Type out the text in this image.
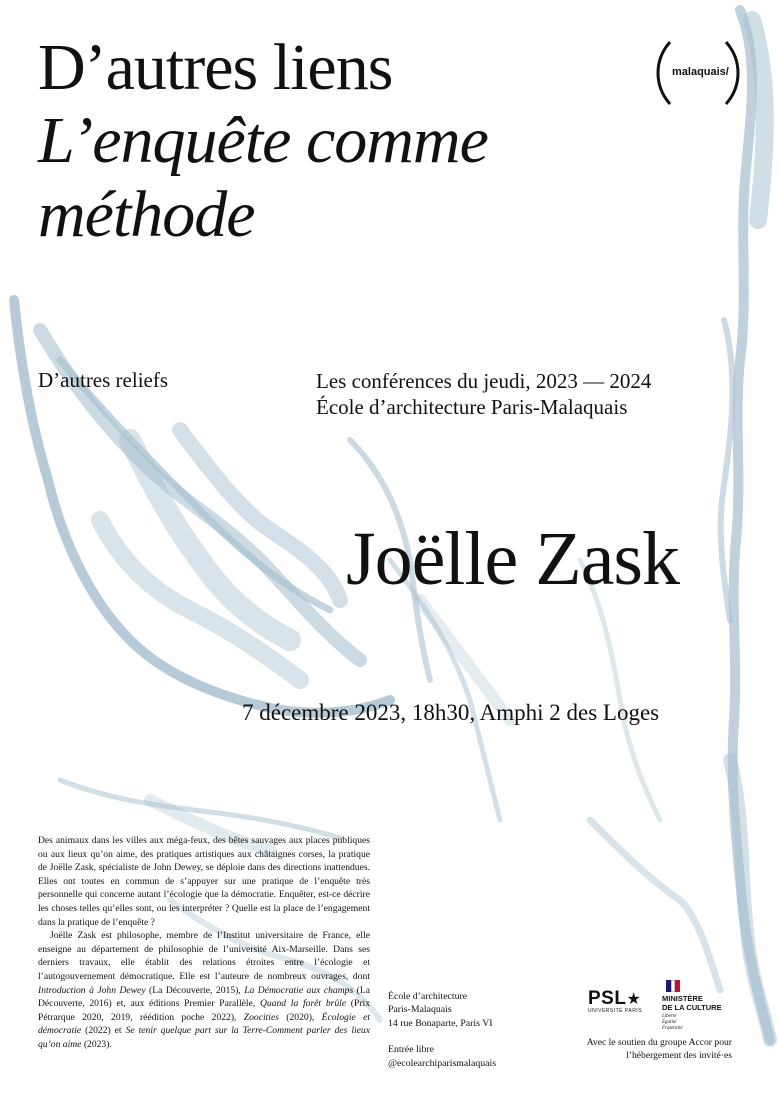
D’autres liens
L’enquête comme
méthode
malaquais/
D’autres reliefs	Les conférences du jeudi, 2023 — 2024
École d’architecture Paris-Malaquais
Joëlle Zask
7 décembre 2023, 18h30, Amphi 2 des Loges

Des animaux dans les villes aux méga-feux, des bêtes sauvages aux places publiques ou aux lieux qu’on aime, des pratiques artistiques aux châtaignes corses, la pratique de Joëlle Zask, spécialiste de John Dewey, se déploie dans des directions inattendues. Elles ont toutes en commun de s’appuyer sur une pratique de l’enquête très personnelle qui concerne autant l’écologie que la démocratie. Enquêter, est-ce décrire les choses telles qu’elles sont, ou les interpréter ? Quelle est la place de l’engagement dans la pratique de l’enquête ?

Joëlle Zask est philosophe, membre de l’Institut universitaire de France, elle enseigne au département de philosophie de l’université Aix-Marseille. Dans ses derniers travaux, elle établit des relations étroites entre l’écologie et l’autogouvernement démocratique. Elle est l’auteure de nombreux ouvrages, dont Introduction à John Dewey (La Découverte, 2015), La Démocratie aux champs (La Découverte, 2016) et, aux éditions Premier Parallèle, Quand la forêt brûle (Prix Pétrarque 2020, 2019, réédition poche 2022), Zoocities (2020), Écologie et démocratie (2022) et Se tenir quelque part sur la Terre-Comment parler des lieux qu’on aime (2023).

École d’architecture
Paris-Malaquais
14 rue Bonaparte, Paris VI
Entrée libre
@ecolearchiparismalaquais
PSL★
UNIVERSITÉ PARIS
MINISTÈRE
DE LA CULTURE
Liberté
Égalité
Fraternité
Avec le soutien du groupe Accor pour l’hébergement des invité·es
